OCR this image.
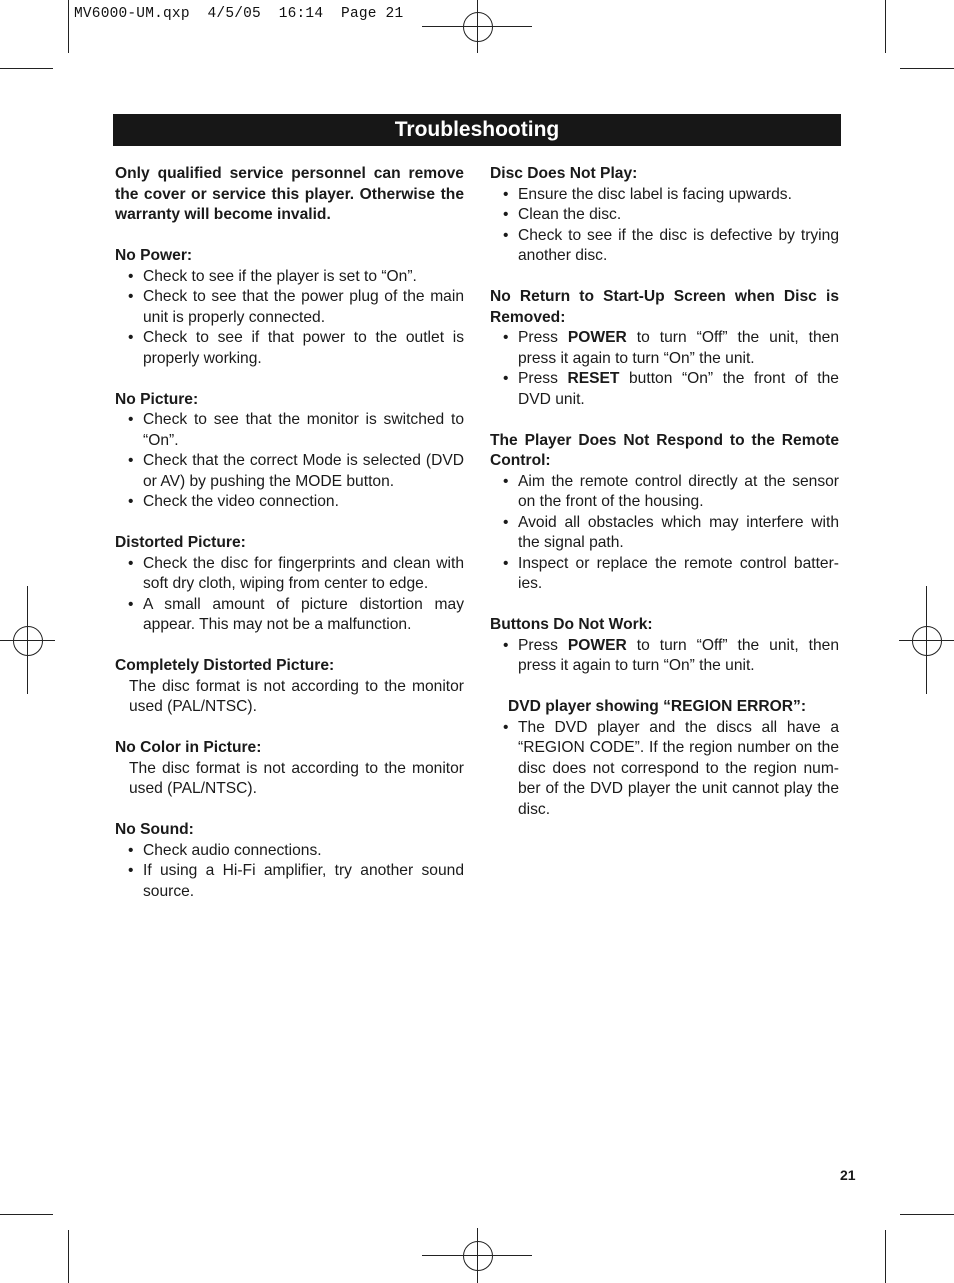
MV6000-UM.qxp  4/5/05  16:14  Page 21
Troubleshooting

Only qualified service personnel can remove the cover or service this player. Otherwise the warranty will become invalid.

No Power:

• Check to see if the player is set to “On”.
• Check to see that the power plug of the main unit is properly connected.
• Check to see if that power to the outlet is properly working.

No Picture:

• Check to see that the monitor is switched to “On”.
• Check that the correct Mode is selected (DVD or AV) by pushing the MODE button.
• Check the video connection.

Distorted Picture:

• Check the disc for fingerprints and clean with soft dry cloth, wiping from center to edge.
• A small amount of picture distortion may appear. This may not be a malfunction.

Completely Distorted Picture:

The disc format is not according to the monitor used (PAL/NTSC).

No Color in Picture:

The disc format is not according to the monitor used (PAL/NTSC).

No Sound:

• Check audio connections.
• If using a Hi-Fi amplifier, try another sound source.

Disc Does Not Play:

• Ensure the disc label is facing upwards.
• Clean the disc.
• Check to see if the disc is defective by trying another disc.

No Return to Start-Up Screen when Disc is Removed:

• Press POWER to turn “Off” the unit, then press it again to turn “On” the unit.
• Press RESET button “On” the front of the DVD unit.

The Player Does Not Respond to the Remote Control:

• Aim the remote control directly at the sensor on the front of the housing.
• Avoid all obstacles which may interfere with the signal path.
• Inspect or replace the remote control batter-ies.

Buttons Do Not Work:

• Press POWER to turn “Off” the unit, then press it again to turn “On” the unit.

DVD player showing “REGION ERROR”:

• The DVD player and the discs all have a “REGION CODE”. If the region number on the disc does not correspond to the region num-ber of the DVD player the unit cannot play the disc.
21
